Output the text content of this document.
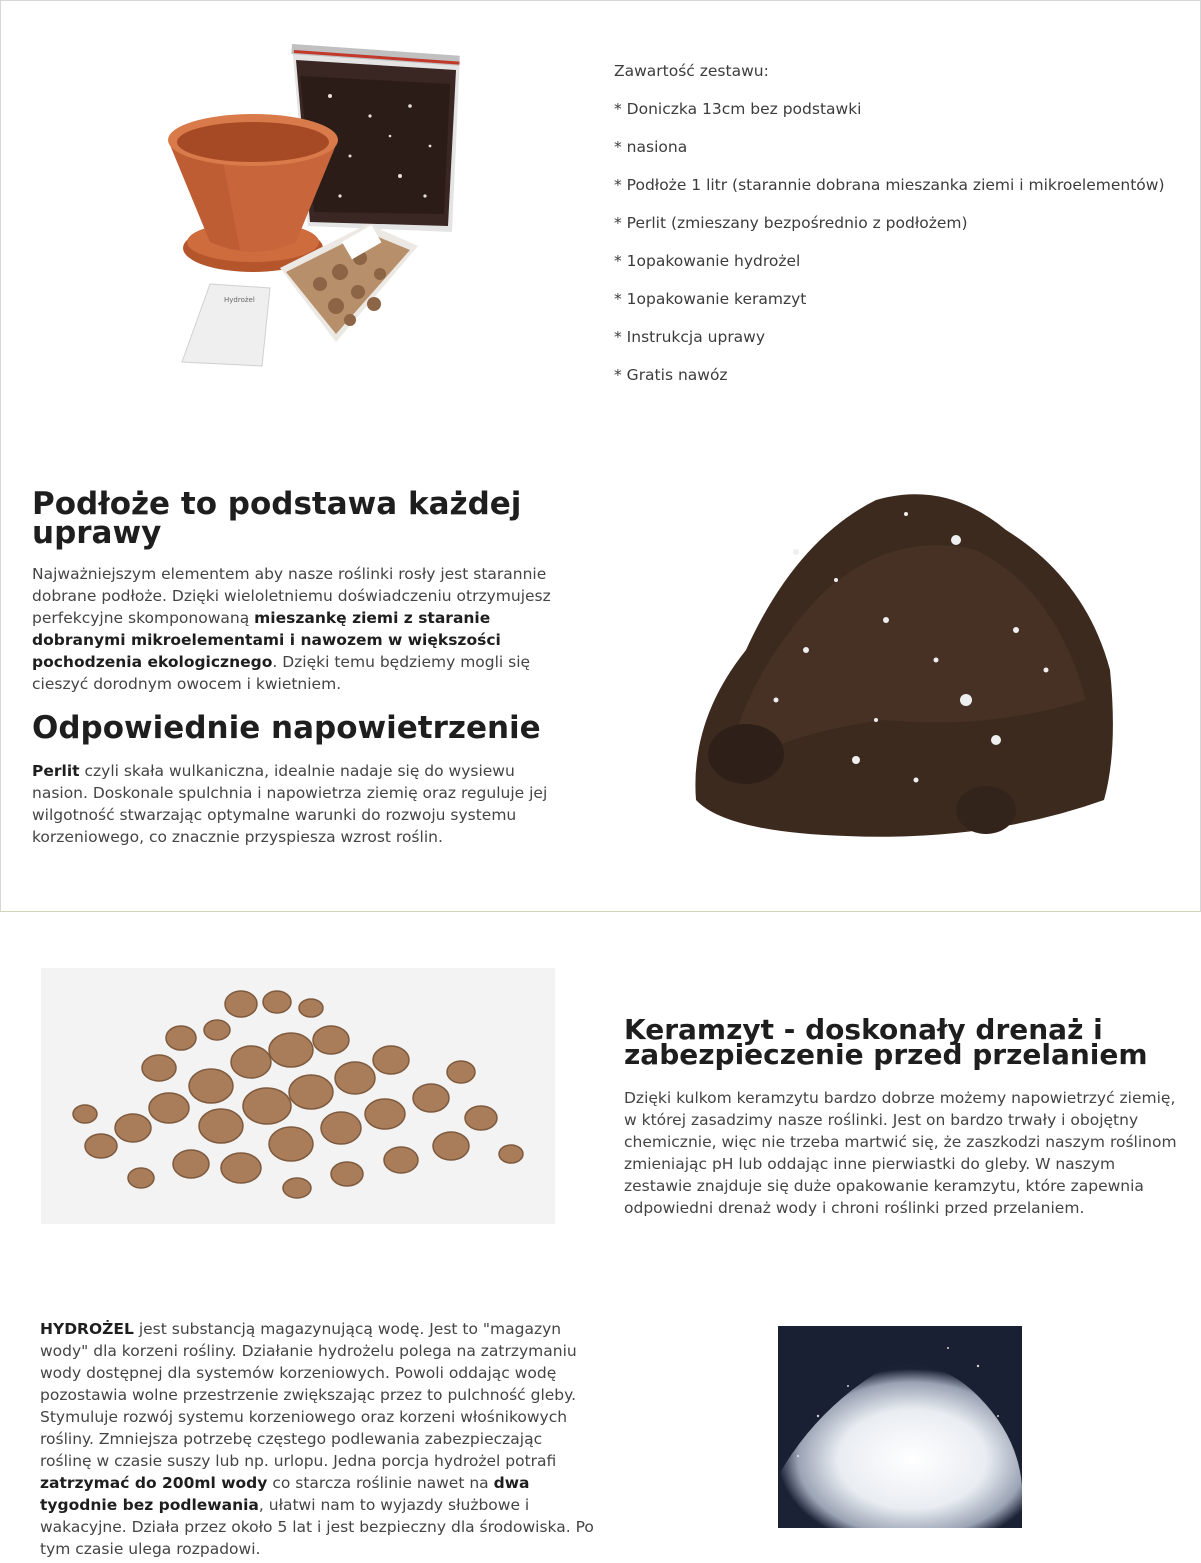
Hydrożel
Zawartość zestawu:
* Doniczka 13cm bez podstawki
* nasiona
* Podłoże 1 litr (starannie dobrana mieszanka ziemi i mikroelementów)
* Perlit (zmieszany bezpośrednio z podłożem)
* 1opakowanie hydrożel
* 1opakowanie keramzyt
* Instrukcja uprawy
* Gratis nawóz
Podłoże to podstawa każdej uprawy
Najważniejszym elementem aby nasze roślinki rosły jest starannie dobrane podłoże. Dzięki wieloletniemu doświadczeniu otrzymujesz perfekcyjne skomponowaną mieszankę ziemi z staranie dobranymi mikroelementami i nawozem w większości pochodzenia ekologicznego. Dzięki temu będziemy mogli się cieszyć dorodnym owocem i kwietniem.
Odpowiednie napowietrzenie
Perlit czyli skała wulkaniczna, idealnie nadaje się do wysiewu nasion. Doskonale spulchnia i napowietrza ziemię oraz reguluje jej wilgotność stwarzając optymalne warunki do rozwoju systemu korzeniowego, co znacznie przyspiesza wzrost roślin.
Keramzyt - doskonały drenaż i zabezpieczenie przed przelaniem
Dzięki kulkom keramzytu bardzo dobrze możemy napowietrzyć ziemię, w której zasadzimy nasze roślinki. Jest on bardzo trwały i obojętny chemicznie, więc nie trzeba martwić się, że zaszkodzi naszym roślinom zmieniając pH lub oddając inne pierwiastki do gleby. W naszym zestawie znajduje się duże opakowanie keramzytu, które zapewnia odpowiedni drenaż wody i chroni roślinki przed przelaniem.
HYDROŻEL jest substancją magazynującą wodę. Jest to "magazyn wody" dla korzeni rośliny. Działanie hydrożelu polega na zatrzymaniu wody dostępnej dla systemów korzeniowych. Powoli oddając wodę pozostawia wolne przestrzenie zwiększając przez to pulchność gleby. Stymuluje rozwój systemu korzeniowego oraz korzeni włośnikowych rośliny. Zmniejsza potrzebę częstego podlewania zabezpieczając roślinę w czasie suszy lub np. urlopu. Jedna porcja hydrożel potrafi zatrzymać do 200ml wody co starcza roślinie nawet na dwa tygodnie bez podlewania, ułatwi nam to wyjazdy służbowe i wakacyjne. Działa przez około 5 lat i jest bezpieczny dla środowiska. Po tym czasie ulega rozpadowi.
